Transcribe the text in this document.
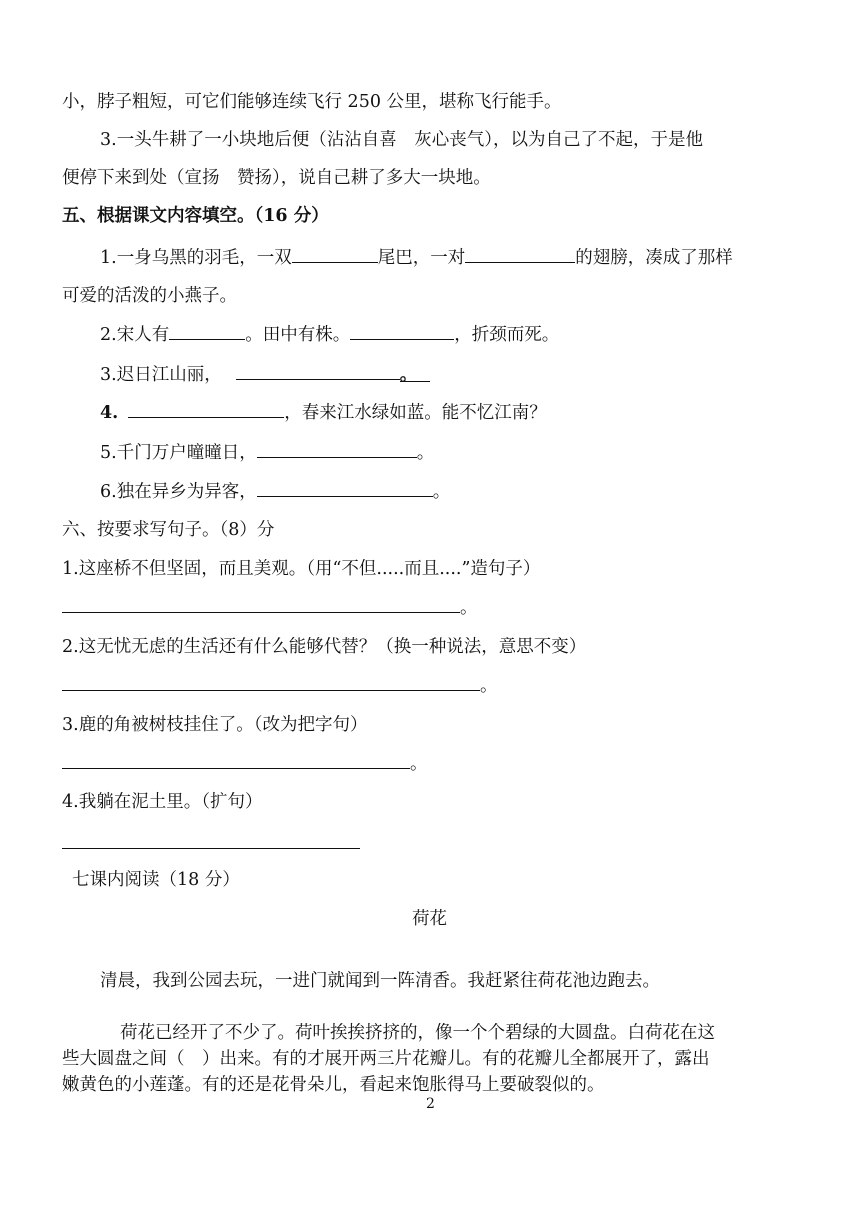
小，脖子粗短，可它们能够连续飞行 250 公里，堪称飞行能手。
3.一头牛耕了一小块地后便（沾沾自喜　灰心丧气），以为自己了不起，于是他
便停下来到处（宣扬　赞扬），说自己耕了多大一块地。
五、根据课文内容填空。（16 分）
1.一身乌黑的羽毛，一双	尾巴，一对	的翅膀，凑成了那样
可爱的活泼的小燕子。
2.宋人有	。田中有株。	，折颈而死。
3.迟日江山丽，	。
4.	，春来江水绿如蓝。能不忆江南？
5.千门万户曈曈日，	。
6.独在异乡为异客，	。
六、按要求写句子。（8）分
1.这座桥不但坚固，而且美观。（用“不但.....而且....”造句子）
。
2.这无忧无虑的生活还有什么能够代替？（换一种说法，意思不变）
。
3.鹿的角被树枝挂住了。（改为把字句）
。
4.我躺在泥土里。（扩句）
七课内阅读（18 分）
荷花
清晨，我到公园去玩，一进门就闻到一阵清香。我赶紧往荷花池边跑去。
荷花已经开了不少了。荷叶挨挨挤挤的，像一个个碧绿的大圆盘。白荷花在这
些大圆盘之间（　）出来。有的才展开两三片花瓣儿。有的花瓣儿全都展开了，露出
嫩黄色的小莲蓬。有的还是花骨朵儿，看起来饱胀得马上要破裂似的。
2
